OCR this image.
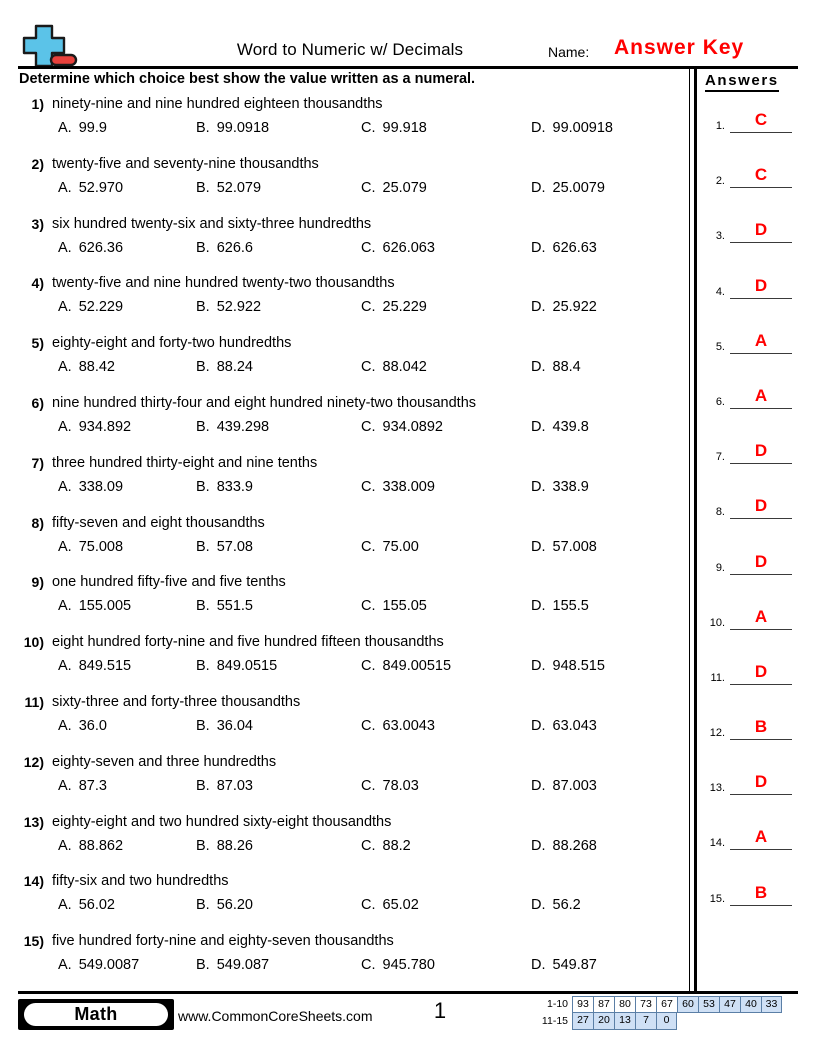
Word to Numeric w/ Decimals	Name: Answer Key
Determine which choice best show the value written as a numeral.
1) ninety-nine and nine hundred eighteen thousandths
A. 99.9	B. 99.0918	C. 99.918	D. 99.00918
2) twenty-five and seventy-nine thousandths
A. 52.970	B. 52.079	C. 25.079	D. 25.0079
3) six hundred twenty-six and sixty-three hundredths
A. 626.36	B. 626.6	C. 626.063	D. 626.63
4) twenty-five and nine hundred twenty-two thousandths
A. 52.229	B. 52.922	C. 25.229	D. 25.922
5) eighty-eight and forty-two hundredths
A. 88.42	B. 88.24	C. 88.042	D. 88.4
6) nine hundred thirty-four and eight hundred ninety-two thousandths
A. 934.892	B. 439.298	C. 934.0892	D. 439.8
7) three hundred thirty-eight and nine tenths
A. 338.09	B. 833.9	C. 338.009	D. 338.9
8) fifty-seven and eight thousandths
A. 75.008	B. 57.08	C. 75.00	D. 57.008
9) one hundred fifty-five and five tenths
A. 155.005	B. 551.5	C. 155.05	D. 155.5
10) eight hundred forty-nine and five hundred fifteen thousandths
A. 849.515	B. 849.0515	C. 849.00515	D. 948.515
11) sixty-three and forty-three thousandths
A. 36.0	B. 36.04	C. 63.0043	D. 63.043
12) eighty-seven and three hundredths
A. 87.3	B. 87.03	C. 78.03	D. 87.003
13) eighty-eight and two hundred sixty-eight thousandths
A. 88.862	B. 88.26	C. 88.2	D. 88.268
14) fifty-six and two hundredths
A. 56.02	B. 56.20	C. 65.02	D. 56.2
15) five hundred forty-nine and eighty-seven thousandths
A. 549.0087	B. 549.087	C. 945.780	D. 549.87
Answers
1.	C
2.	C
3.	D
4.	D
5.	A
6.	A
7.	D
8.	D
9.	D
10.	A
11.	D
12.	B
13.	D
14.	A
15.	B
Math	www.CommonCoreSheets.com	1	1-10 93 87 80 73 67 60 53 47 40 33
11-15 27 20 13	7	0
